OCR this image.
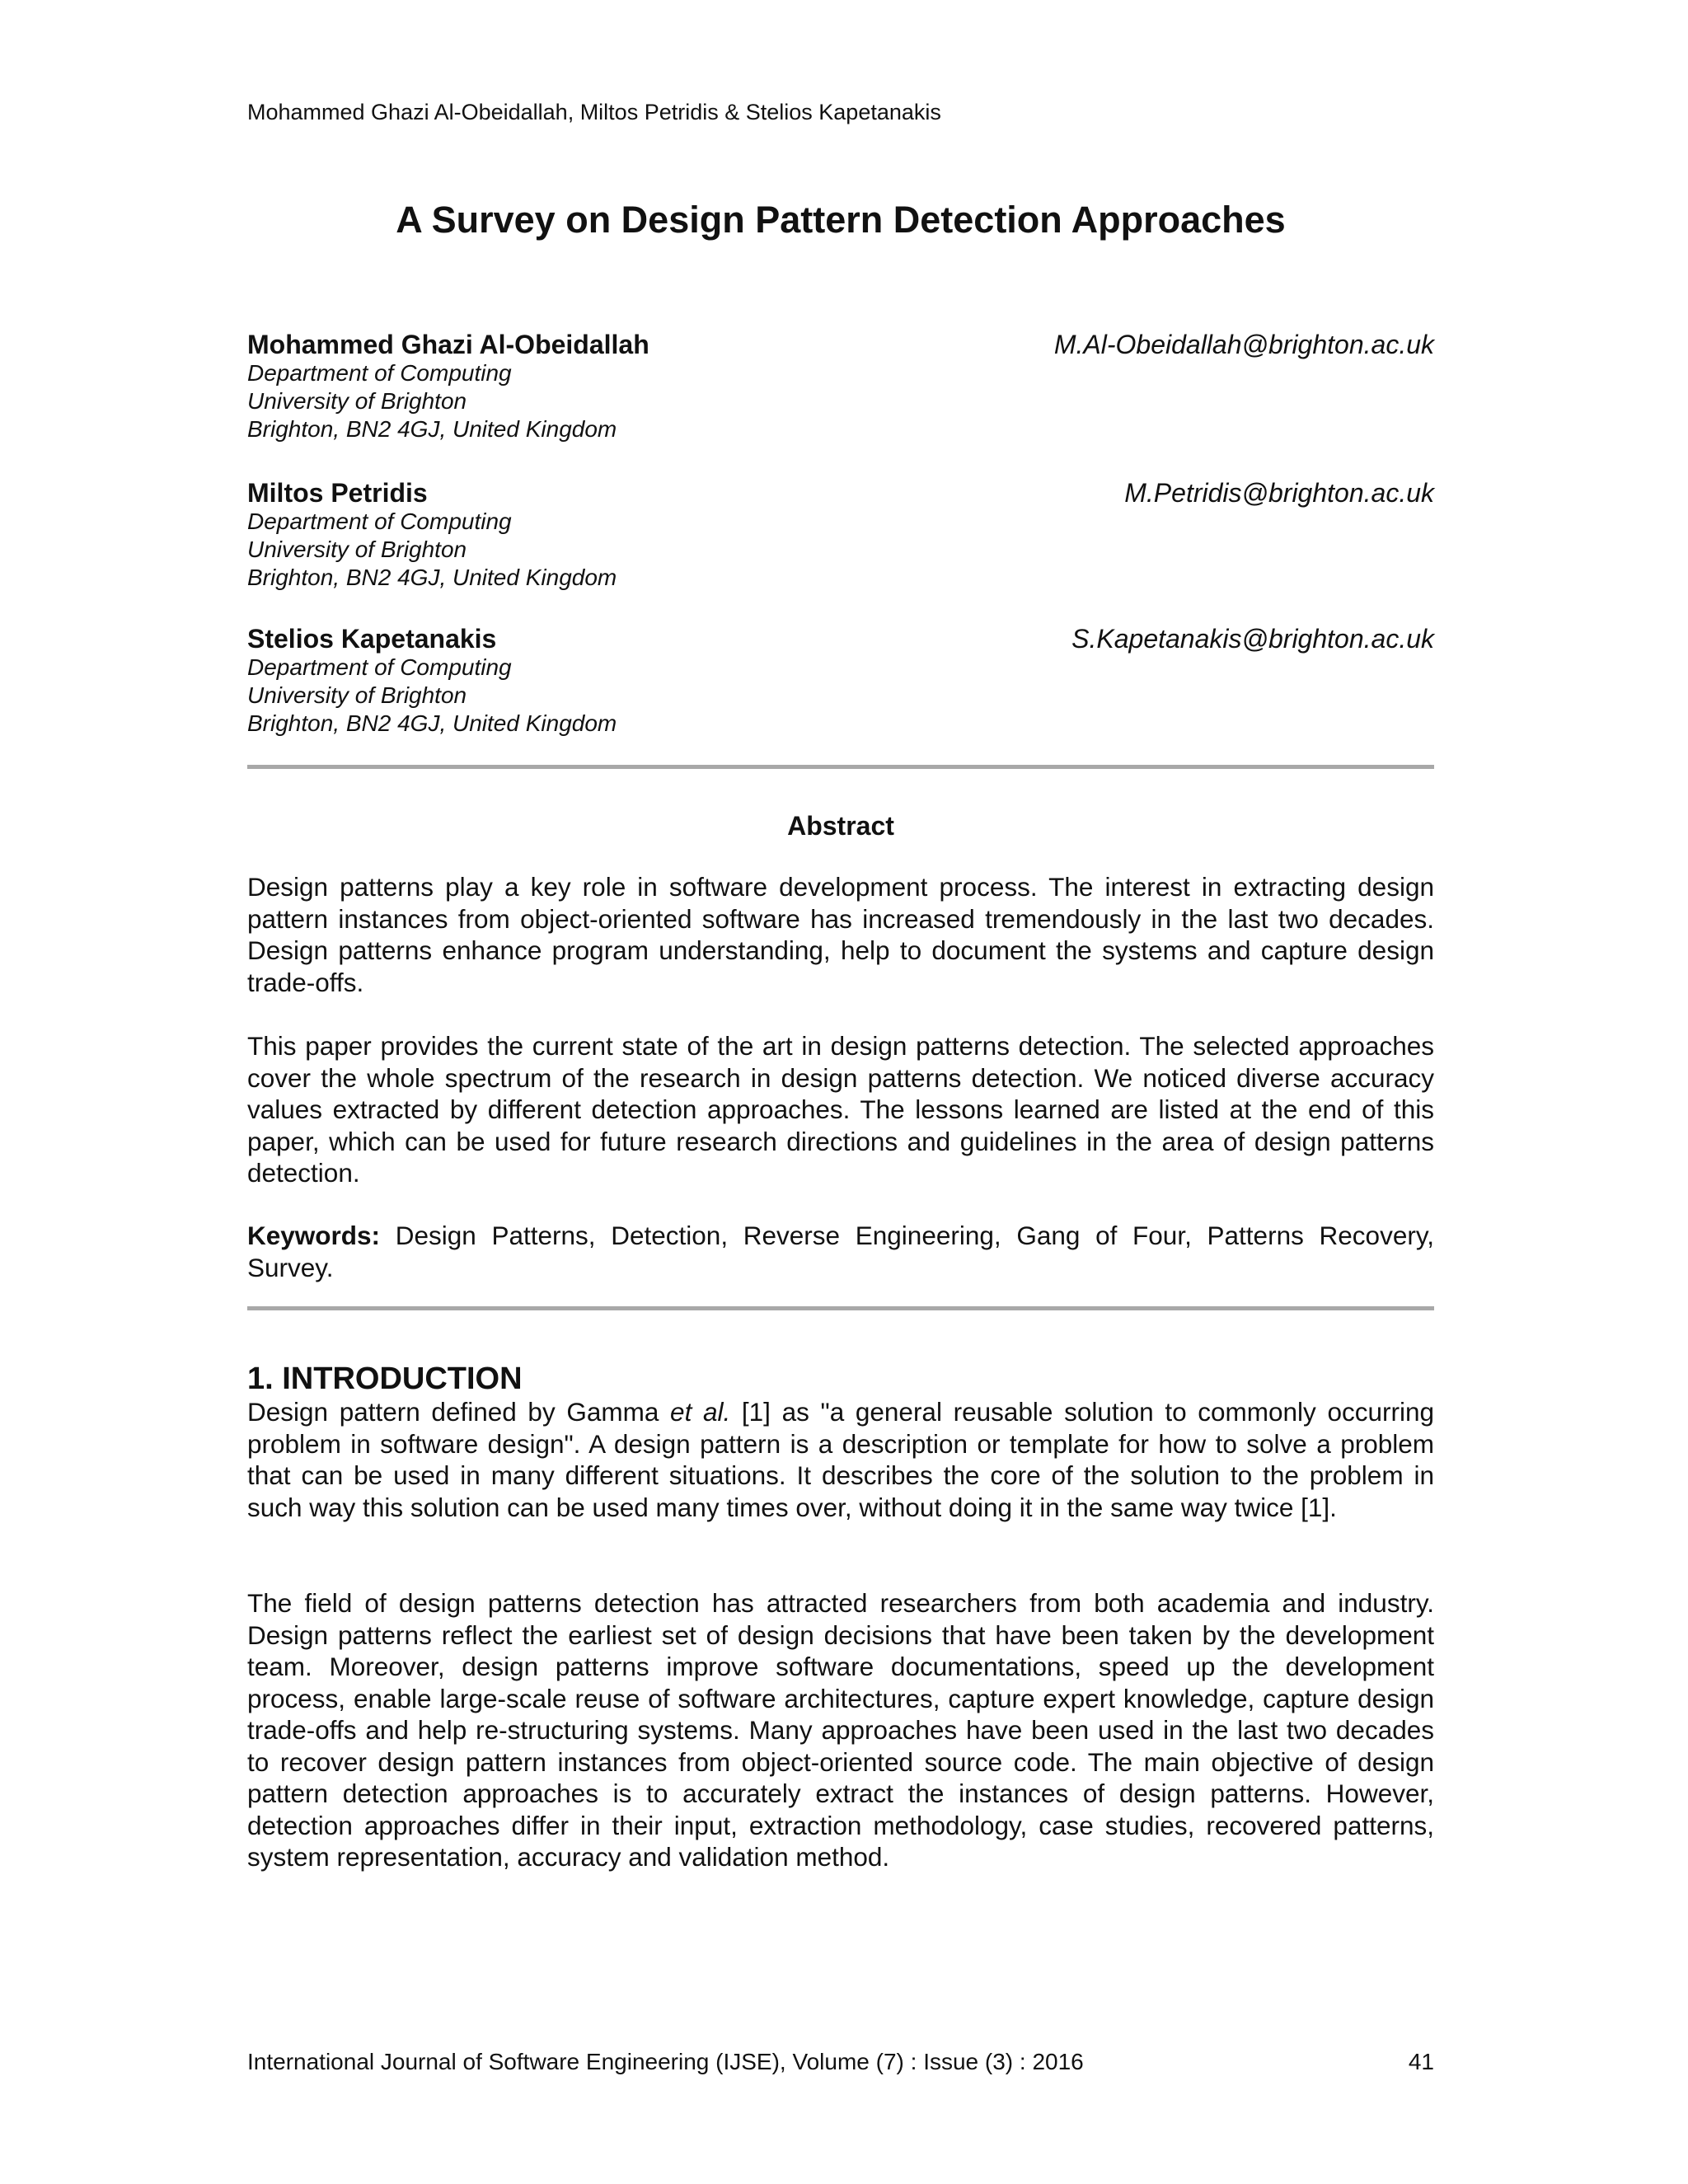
Mohammed Ghazi Al-Obeidallah, Miltos Petridis & Stelios Kapetanakis
A Survey on Design Pattern Detection Approaches
Mohammed Ghazi Al-Obeidallah	M.Al-Obeidallah@brighton.ac.uk
Department of Computing
University of Brighton
Brighton, BN2 4GJ, United Kingdom
Miltos Petridis	M.Petridis@brighton.ac.uk
Department of Computing
University of Brighton
Brighton, BN2 4GJ, United Kingdom
Stelios Kapetanakis	S.Kapetanakis@brighton.ac.uk
Department of Computing
University of Brighton
Brighton, BN2 4GJ, United Kingdom
Abstract

Design patterns play a key role in software development process. The interest in extracting design pattern instances from object-oriented software has increased tremendously in the last two decades. Design patterns enhance program understanding, help to document the systems and capture design trade-offs.

This paper provides the current state of the art in design patterns detection. The selected approaches cover the whole spectrum of the research in design patterns detection. We noticed diverse accuracy values extracted by different detection approaches. The lessons learned are listed at the end of this paper, which can be used for future research directions and guidelines in the area of design patterns detection.

Keywords: Design Patterns, Detection, Reverse Engineering, Gang of Four, Patterns Recovery, Survey.

1. INTRODUCTION

Design pattern defined by Gamma et al. [1] as "a general reusable solution to commonly occurring problem in software design". A design pattern is a description or template for how to solve a problem that can be used in many different situations. It describes the core of the solution to the problem in such way this solution can be used many times over, without doing it in the same way twice [1].

The field of design patterns detection has attracted researchers from both academia and industry. Design patterns reflect the earliest set of design decisions that have been taken by the development team. Moreover, design patterns improve software documentations, speed up the development process, enable large-scale reuse of software architectures, capture expert knowledge, capture design trade-offs and help re-structuring systems. Many approaches have been used in the last two decades to recover design pattern instances from object-oriented source code. The main objective of design pattern detection approaches is to accurately extract the instances of design patterns. However, detection approaches differ in their input, extraction methodology, case studies, recovered patterns, system representation, accuracy and validation method.

International Journal of Software Engineering (IJSE), Volume (7) : Issue (3) : 2016	41
